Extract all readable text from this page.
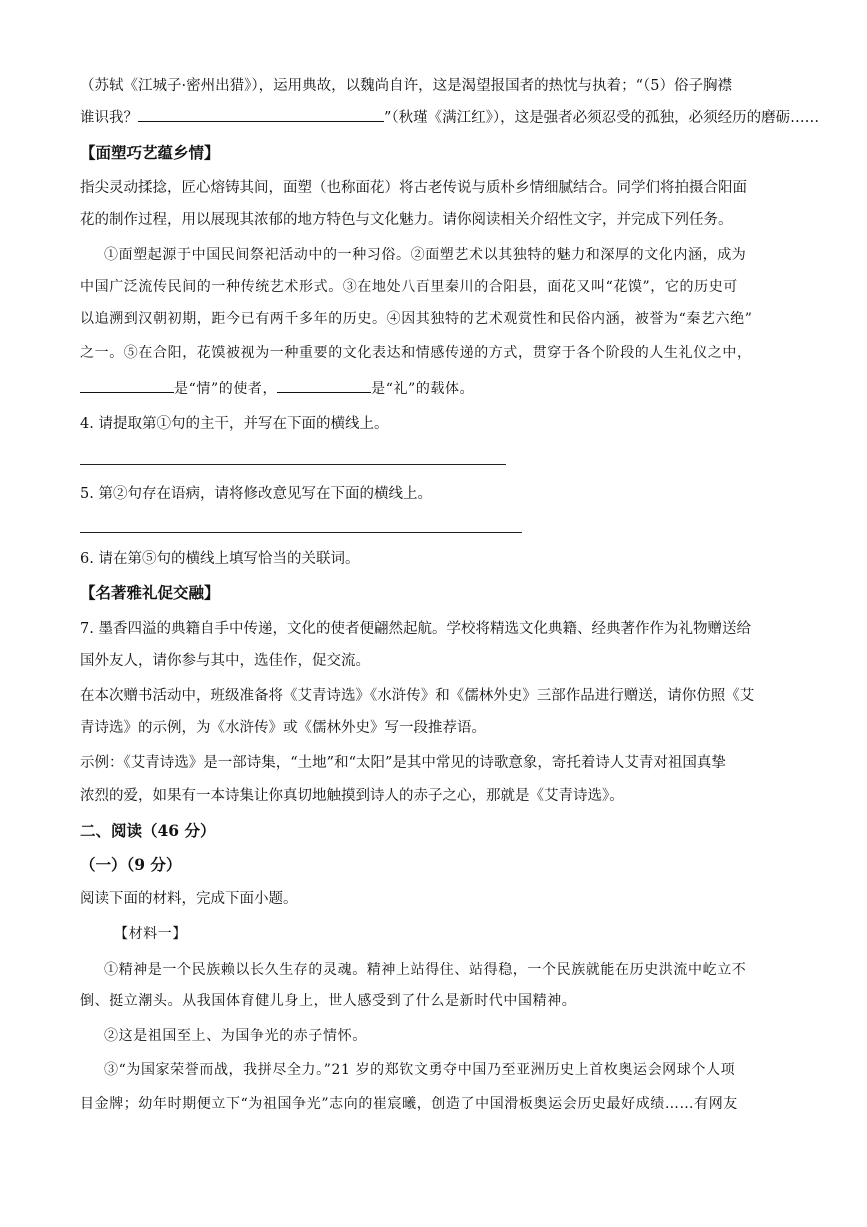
（苏轼《江城子·密州出猎》），运用典故，以魏尚自许，这是渴望报国者的热忱与执着；“（5）俗子胸襟
谁识我？	”（秋瑾《满江红》），这是强者必须忍受的孤独，必须经历的磨砺……
【面塑巧艺蕴乡情】
指尖灵动揉捻，匠心熔铸其间，面塑（也称面花）将古老传说与质朴乡情细腻结合。同学们将拍摄合阳面
花的制作过程，用以展现其浓郁的地方特色与文化魅力。请你阅读相关介绍性文字，并完成下列任务。
①面塑起源于中国民间祭祀活动中的一种习俗。②面塑艺术以其独特的魅力和深厚的文化内涵，成为
中国广泛流传民间的一种传统艺术形式。③在地处八百里秦川的合阳县，面花又叫“花馍”，它的历史可
以追溯到汉朝初期，距今已有两千多年的历史。④因其独特的艺术观赏性和民俗内涵，被誉为“秦艺六绝”
之一。⑤在合阳，花馍被视为一种重要的文化表达和情感传递的方式，贯穿于各个阶段的人生礼仪之中，
是“情”的使者，	是“礼”的载体。
4. 请提取第①句的主干，并写在下面的横线上。
5. 第②句存在语病，请将修改意见写在下面的横线上。
6. 请在第⑤句的横线上填写恰当的关联词。
【名著雅礼促交融】
7. 墨香四溢的典籍自手中传递，文化的使者便翩然起航。学校将精选文化典籍、经典著作作为礼物赠送给
国外友人，请你参与其中，选佳作，促交流。
在本次赠书活动中，班级准备将《艾青诗选》《水浒传》和《儒林外史》三部作品进行赠送，请你仿照《艾
青诗选》的示例，为《水浒传》或《儒林外史》写一段推荐语。
示例：《艾青诗选》是一部诗集，“土地”和“太阳”是其中常见的诗歌意象，寄托着诗人艾青对祖国真挚
浓烈的爱，如果有一本诗集让你真切地触摸到诗人的赤子之心，那就是《艾青诗选》。
二、阅读（46 分）
（一）（9 分）
阅读下面的材料，完成下面小题。
【材料一】
①精神是一个民族赖以长久生存的灵魂。精神上站得住、站得稳，一个民族就能在历史洪流中屹立不
倒、挺立潮头。从我国体育健儿身上，世人感受到了什么是新时代中国精神。
②这是祖国至上、为国争光的赤子情怀。
③“为国家荣誉而战，我拼尽全力。”21 岁的郑钦文勇夺中国乃至亚洲历史上首枚奥运会网球个人项
目金牌；幼年时期便立下“为祖国争光”志向的崔宸曦，创造了中国滑板奥运会历史最好成绩……有网友
